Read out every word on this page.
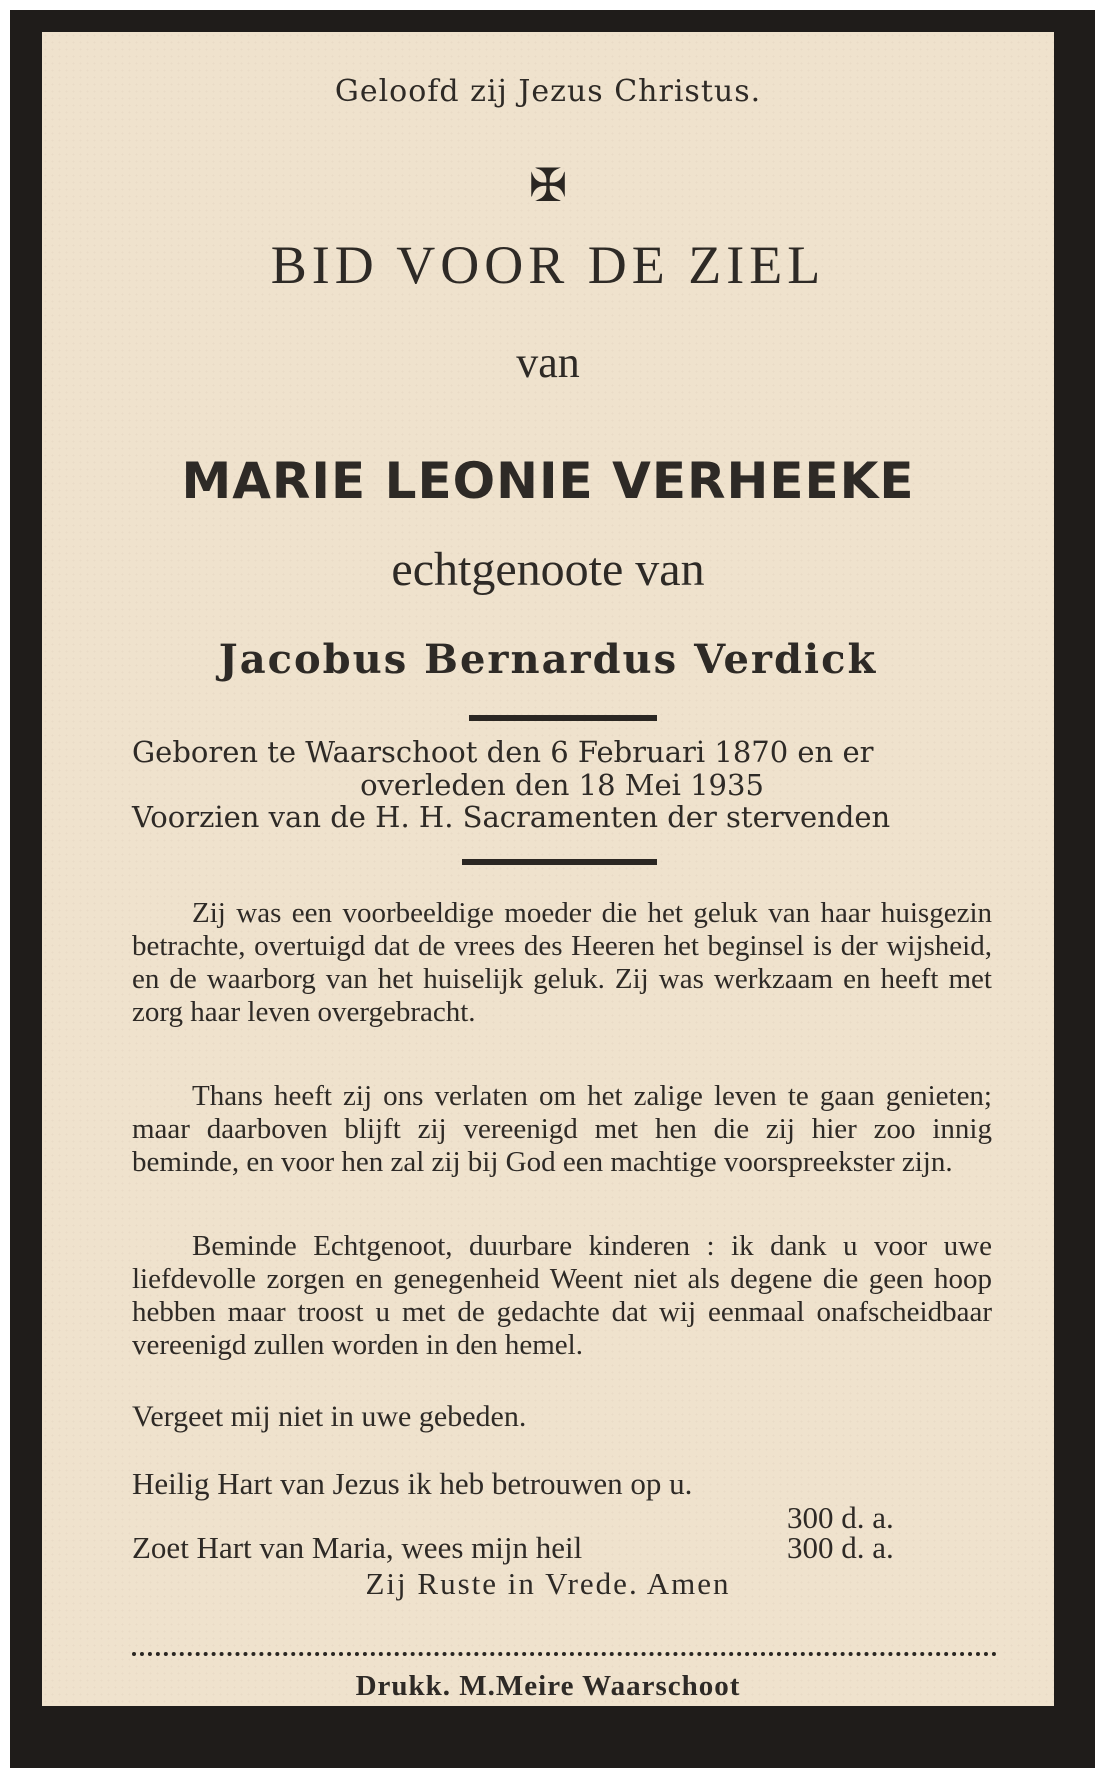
Geloofd zij Jezus Christus.
✠
BID VOOR DE ZIEL
van
MARIE LEONIE VERHEEKE
echtgenoote van
Jacobus Bernardus Verdick
Geboren te Waarschoot den 6 Februari 1870 en er
overleden den 18 Mei 1935
Voorzien van de H. H. Sacramenten der stervenden
Zij was een voorbeeldige moeder die het geluk van haar huisgezin betrachte, overtuigd dat de vrees des Heeren het beginsel is der wijsheid, en de waarborg van het huiselijk geluk. Zij was werkzaam en heeft met zorg haar leven overgebracht.
Thans heeft zij ons verlaten om het zalige leven te gaan genieten; maar daarboven blijft zij vereenigd met hen die zij hier zoo innig beminde, en voor hen zal zij bij God een machtige voorspreekster zijn.
Beminde Echtgenoot, duurbare kinderen : ik dank u voor uwe liefdevolle zorgen en genegenheid Weent niet als degene die geen hoop hebben maar troost u met de gedachte dat wij eenmaal onafscheidbaar vereenigd zullen worden in den hemel.
Vergeet mij niet in uwe gebeden.
Heilig Hart van Jezus ik heb betrouwen op u.
300 d. a.
Zoet Hart van Maria, wees mijn heil	300 d. a.
Zij Ruste in Vrede. Amen
Drukk. M.Meire Waarschoot
